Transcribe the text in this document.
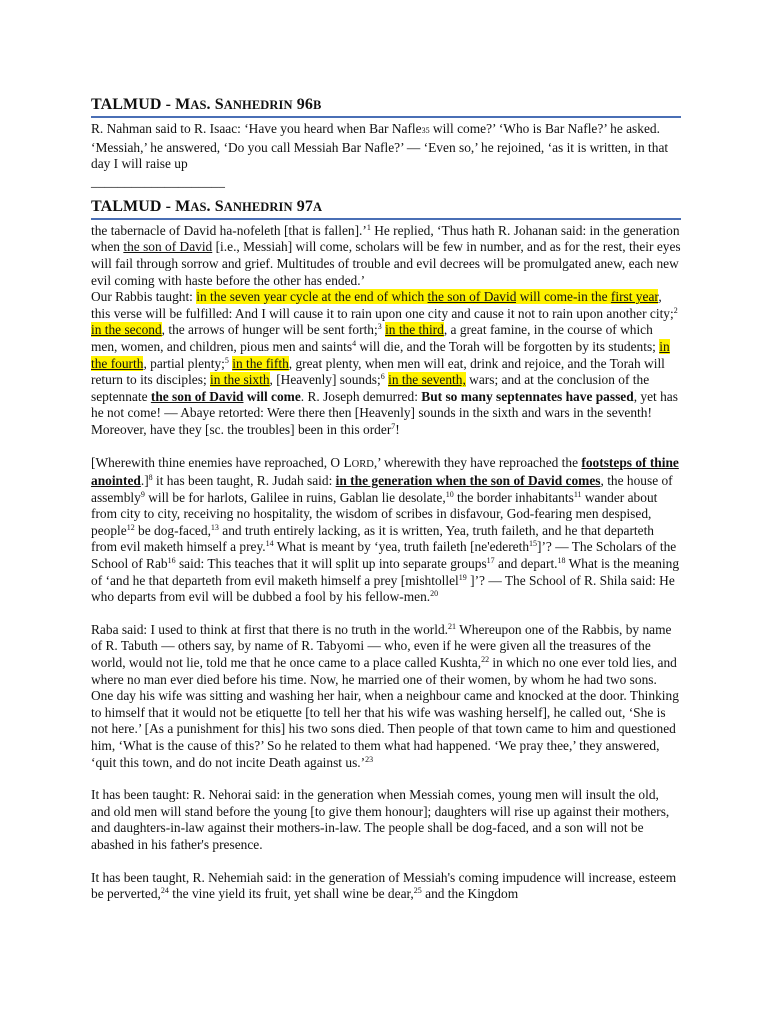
TALMUD - MAS. SANHEDRIN 96B

R. Nahman said to R. Isaac: ‘Have you heard when Bar Nafle35 will come?’ ‘Who is Bar Nafle?’ he asked. ‘Messiah,’ he answered, ‘Do you call Messiah Bar Nafle?’ — ‘Even so,’ he rejoined, ‘as it is written, in that day I will raise up

____________________
TALMUD - MAS. SANHEDRIN 97A

the tabernacle of David ha-nofeleth [that is fallen].’$^1$ He replied, ‘Thus hath R. Johanan said: in the generation when the son of David [i.e., Messiah] will come, scholars will be few in number, and as for the rest, their eyes will fail through sorrow and grief. Multitudes of trouble and evil decrees will be promulgated anew, each new evil coming with haste before the other has ended.’
Our Rabbis taught: in the seven year cycle at the end of which the son of David will come-in the first year, this verse will be fulfilled: And I will cause it to rain upon one city and cause it not to rain upon another city;$^2$ in the second, the arrows of hunger will be sent forth;$^3$ in the third, a great famine, in the course of which men, women, and children, pious men and saints$^4$ will die, and the Torah will be forgotten by its students; in the fourth, partial plenty;$^5$ in the fifth, great plenty, when men will eat, drink and rejoice, and the Torah will return to its disciples; in the sixth, [Heavenly] sounds;$^6$ in the seventh, wars; and at the conclusion of the septennate the son of David will come. R. Joseph demurred: But so many septennates have passed, yet has he not come! — Abaye retorted: Were there then [Heavenly] sounds in the sixth and wars in the seventh! Moreover, have they [sc. the troubles] been in this order$^7$!

[Wherewith thine enemies have reproached, O LORD,’ wherewith they have reproached the footsteps of thine anointed.]$^8$ it has been taught, R. Judah said: in the generation when the son of David comes, the house of assembly$^9$ will be for harlots, Galilee in ruins, Gablan lie desolate,$^{10}$ the border inhabitants$^{11}$ wander about from city to city, receiving no hospitality, the wisdom of scribes in disfavour, God-fearing men despised, people$^{12}$ be dog-faced,$^{13}$ and truth entirely lacking, as it is written, Yea, truth faileth, and he that departeth from evil maketh himself a prey.$^{14}$ What is meant by ‘yea, truth faileth [ne'edereth$^{15}$]’? — The Scholars of the School of Rab$^{16}$ said: This teaches that it will split up into separate groups$^{17}$ and depart.$^{18}$ What is the meaning of ‘and he that departeth from evil maketh himself a prey [mishtollel$^{19}$ ]’? — The School of R. Shila said: He who departs from evil will be dubbed a fool by his fellow-men.$^{20}$

Raba said: I used to think at first that there is no truth in the world.$^{21}$ Whereupon one of the Rabbis, by name of R. Tabuth — others say, by name of R. Tabyomi — who, even if he were given all the treasures of the world, would not lie, told me that he once came to a place called Kushta,$^{22}$ in which no one ever told lies, and where no man ever died before his time. Now, he married one of their women, by whom he had two sons. One day his wife was sitting and washing her hair, when a neighbour came and knocked at the door. Thinking to himself that it would not be etiquette [to tell her that his wife was washing herself], he called out, ‘She is not here.’ [As a punishment for this] his two sons died. Then people of that town came to him and questioned him, ‘What is the cause of this?’ So he related to them what had happened. ‘We pray thee,’ they answered, ‘quit this town, and do not incite Death against us.’$^{23}$

It has been taught: R. Nehorai said: in the generation when Messiah comes, young men will insult the old, and old men will stand before the young [to give them honour]; daughters will rise up against their mothers, and daughters-in-law against their mothers-in-law. The people shall be dog-faced, and a son will not be abashed in his father's presence.

It has been taught, R. Nehemiah said: in the generation of Messiah's coming impudence will increase, esteem be perverted,$^{24}$ the vine yield its fruit, yet shall wine be dear,$^{25}$ and the Kingdom
